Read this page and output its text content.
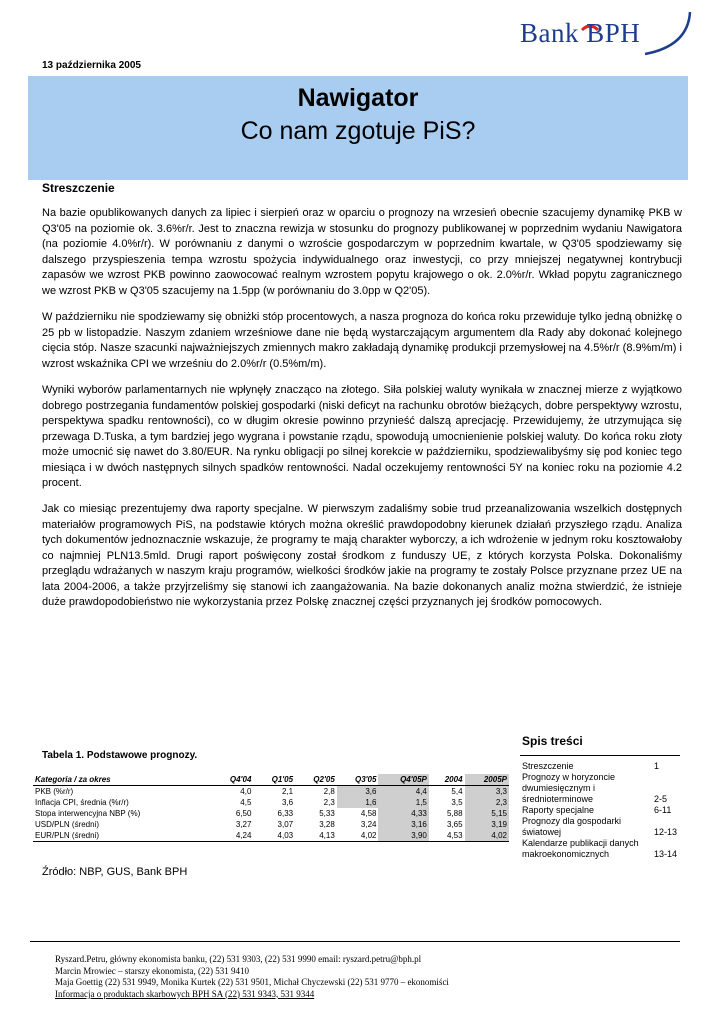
Bank BPH
13 października 2005
Nawigator
Co nam zgotuje PiS?
Streszczenie

Na bazie opublikowanych danych za lipiec i sierpień oraz w oparciu o prognozy na wrzesień obecnie szacujemy dynamikę PKB w Q3'05 na poziomie ok. 3.6%r/r. Jest to znaczna rewizja w stosunku do prognozy publikowanej w poprzednim wydaniu Nawigatora (na poziomie 4.0%r/r). W porównaniu z danymi o wzroście gospodarczym w poprzednim kwartale, w Q3'05 spodziewamy się dalszego przyspieszenia tempa wzrostu spożycia indywidualnego oraz inwestycji, co przy mniejszej negatywnej kontrybucji zapasów we wzrost PKB powinno zaowocować realnym wzrostem popytu krajowego o ok. 2.0%r/r. Wkład popytu zagranicznego we wzrost PKB w Q3'05 szacujemy na 1.5pp (w porównaniu do 3.0pp w Q2'05).

W październiku nie spodziewamy się obniżki stóp procentowych, a nasza prognoza do końca roku przewiduje tylko jedną obniżkę o 25 pb w listopadzie. Naszym zdaniem wrześniowe dane nie będą wystarczającym argumentem dla Rady aby dokonać kolejnego cięcia stóp. Nasze szacunki najważniejszych zmiennych makro zakładają dynamikę produkcji przemysłowej na 4.5%r/r (8.9%m/m) i wzrost wskaźnika CPI we wrześniu do 2.0%r/r (0.5%m/m).

Wyniki wyborów parlamentarnych nie wpłynęły znacząco na złotego. Siła polskiej waluty wynikała w znacznej mierze z wyjątkowo dobrego postrzegania fundamentów polskiej gospodarki (niski deficyt na rachunku obrotów bieżących, dobre perspektywy wzrostu, perspektywa spadku rentowności), co w długim okresie powinno przynieść dalszą aprecjację. Przewidujemy, że utrzymująca się przewaga D.Tuska, a tym bardziej jego wygrana i powstanie rządu, spowodują umocnienienie polskiej waluty. Do końca roku złoty może umocnić się nawet do 3.80/EUR. Na rynku obligacji po silnej korekcie w październiku, spodziewalibyśmy się pod koniec tego miesiąca i w dwóch następnych silnych spadków rentowności. Nadal oczekujemy rentowności 5Y na koniec roku na poziomie 4.2 procent.

Jak co miesiąc prezentujemy dwa raporty specjalne. W pierwszym zadaliśmy sobie trud przeanalizowania wszelkich dostępnych materiałów programowych PiS, na podstawie których można określić prawdopodobny kierunek działań przyszłego rządu. Analiza tych dokumentów jednoznacznie wskazuje, że programy te mają charakter wyborczy, a ich wdrożenie w jednym roku kosztowałoby co najmniej PLN13.5mld. Drugi raport poświęcony został środkom z funduszy UE, z których korzysta Polska. Dokonaliśmy przeglądu wdrażanych w naszym kraju programów, wielkości środków jakie na programy te zostały Polsce przyznane przez UE na lata 2004-2006, a także przyjrzeliśmy się stanowi ich zaangażowania. Na bazie dokonanych analiz można stwierdzić, że istnieje duże prawdopodobieństwo nie wykorzystania przez Polskę znacznej części przyznanych jej środków pomocowych.

Tabela 1. Podstawowe prognozy.
Kategoria / za okres	Q4'04	Q1'05	Q2'05	Q3'05	Q4'05P	2004	2005P
PKB (%r/r)	4,0	2,1	2,8	3,6	4,4	5,4	3,3
Inflacja CPI, średnia (%r/r)	4,5	3,6	2,3	1,6	1,5	3,5	2,3
Stopa interwencyjna NBP (%)	6,50	6,33	5,33	4,58	4,33	5,88	5,15
USD/PLN (średni)	3,27	3,07	3,28	3,24	3,16	3,65	3,19
EUR/PLN (średni)	4,24	4,03	4,13	4,02	3,90	4,53	4,02
Źródło: NBP, GUS, Bank BPH
Spis treści
Streszczenie	1
Prognozy w horyzoncie dwumiesięcznym i średnioterminowe	2-5
Raporty specjalne	6-11
Prognozy dla gospodarki światowej	12-13
Kalendarze publikacji danych makroekonomicznych	13-14
Ryszard.Petru, główny ekonomista banku, (22) 531 9303, (22) 531 9990 email: ryszard.petru@bph.pl
Marcin Mrowiec – starszy ekonomista, (22) 531 9410
Maja Goettig (22) 531 9949, Monika Kurtek (22) 531 9501, Michał Chyczewski (22) 531 9770 – ekonomiści
Informacja o produktach skarbowych BPH SA (22) 531 9343, 531 9344
